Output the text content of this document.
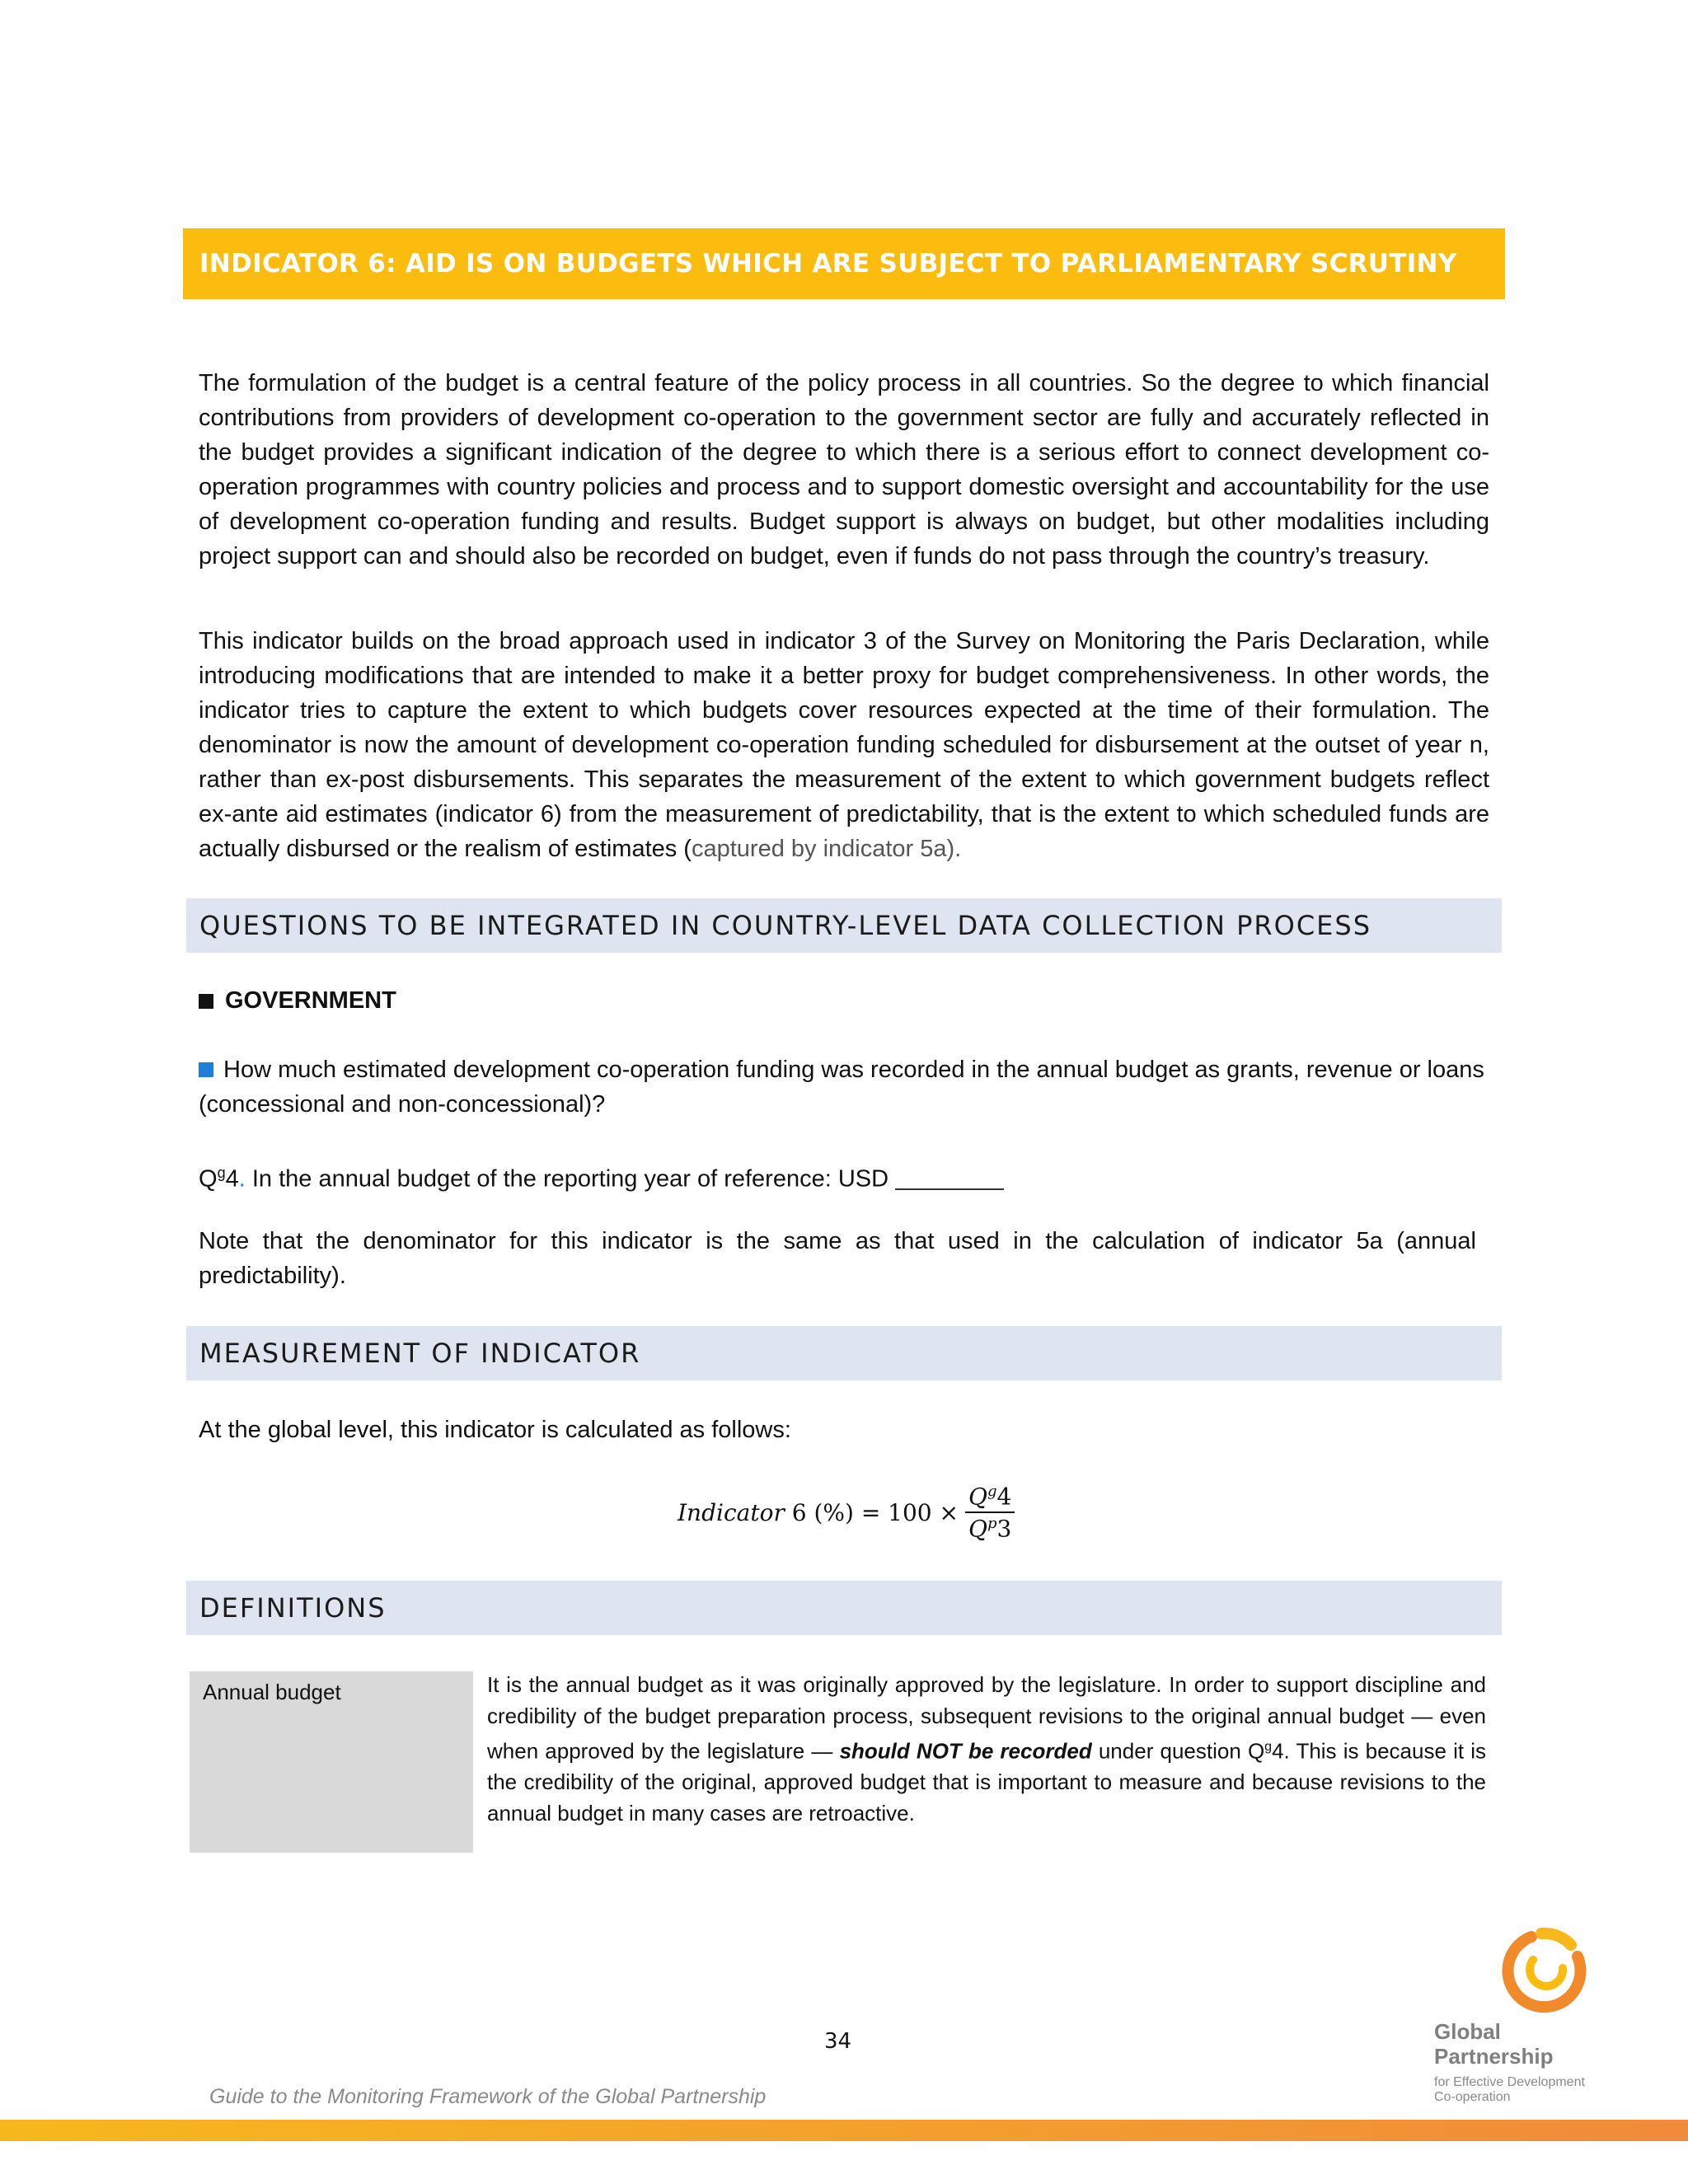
INDICATOR 6: AID IS ON BUDGETS WHICH ARE SUBJECT TO PARLIAMENTARY SCRUTINY

The formulation of the budget is a central feature of the policy process in all countries. So the degree to which financial contributions from providers of development co-operation to the government sector are fully and accurately reflected in the budget provides a significant indication of the degree to which there is a serious effort to connect development co-operation programmes with country policies and process and to support domestic oversight and accountability for the use of development co-operation funding and results. Budget support is always on budget, but other modalities including project support can and should also be recorded on budget, even if funds do not pass through the country’s treasury.

This indicator builds on the broad approach used in indicator 3 of the Survey on Monitoring the Paris Declaration, while introducing modifications that are intended to make it a better proxy for budget comprehensiveness. In other words, the indicator tries to capture the extent to which budgets cover resources expected at the time of their formulation. The denominator is now the amount of development co-operation funding scheduled for disbursement at the outset of year n, rather than ex-post disbursements. This separates the measurement of the extent to which government budgets reflect ex-ante aid estimates (indicator 6) from the measurement of predictability, that is the extent to which scheduled funds are actually disbursed or the realism of estimates (captured by indicator 5a).

QUESTIONS TO BE INTEGRATED IN COUNTRY-LEVEL DATA COLLECTION PROCESS
GOVERNMENT

How much estimated development co-operation funding was recorded in the annual budget as grants, revenue or loans (concessional and non-concessional)?

$Q^g4$. In the annual budget of the reporting year of reference: USD

Note that the denominator for this indicator is the same as that used in the calculation of indicator 5a (annual predictability).

MEASUREMENT OF INDICATOR
At the global level, this indicator is calculated as follows:
Indicator 6 (%) = $100 \times \frac{Q^g4}{Q^p3}$
DEFINITIONS
Annual budget	It is the annual budget as it was originally approved by the legislature. In order to support discipline and credibility of the budget preparation process, subsequent revisions to the original annual budget — even when approved by the legislature — should NOT be recorded under question $Q^g4$. This is because it is the credibility of the original, approved budget that is important to measure and because revisions to the annual budget in many cases are retroactive.

34
Guide to the Monitoring Framework of the Global Partnership
Global
Partnership
for Effective Development
Co-operation
